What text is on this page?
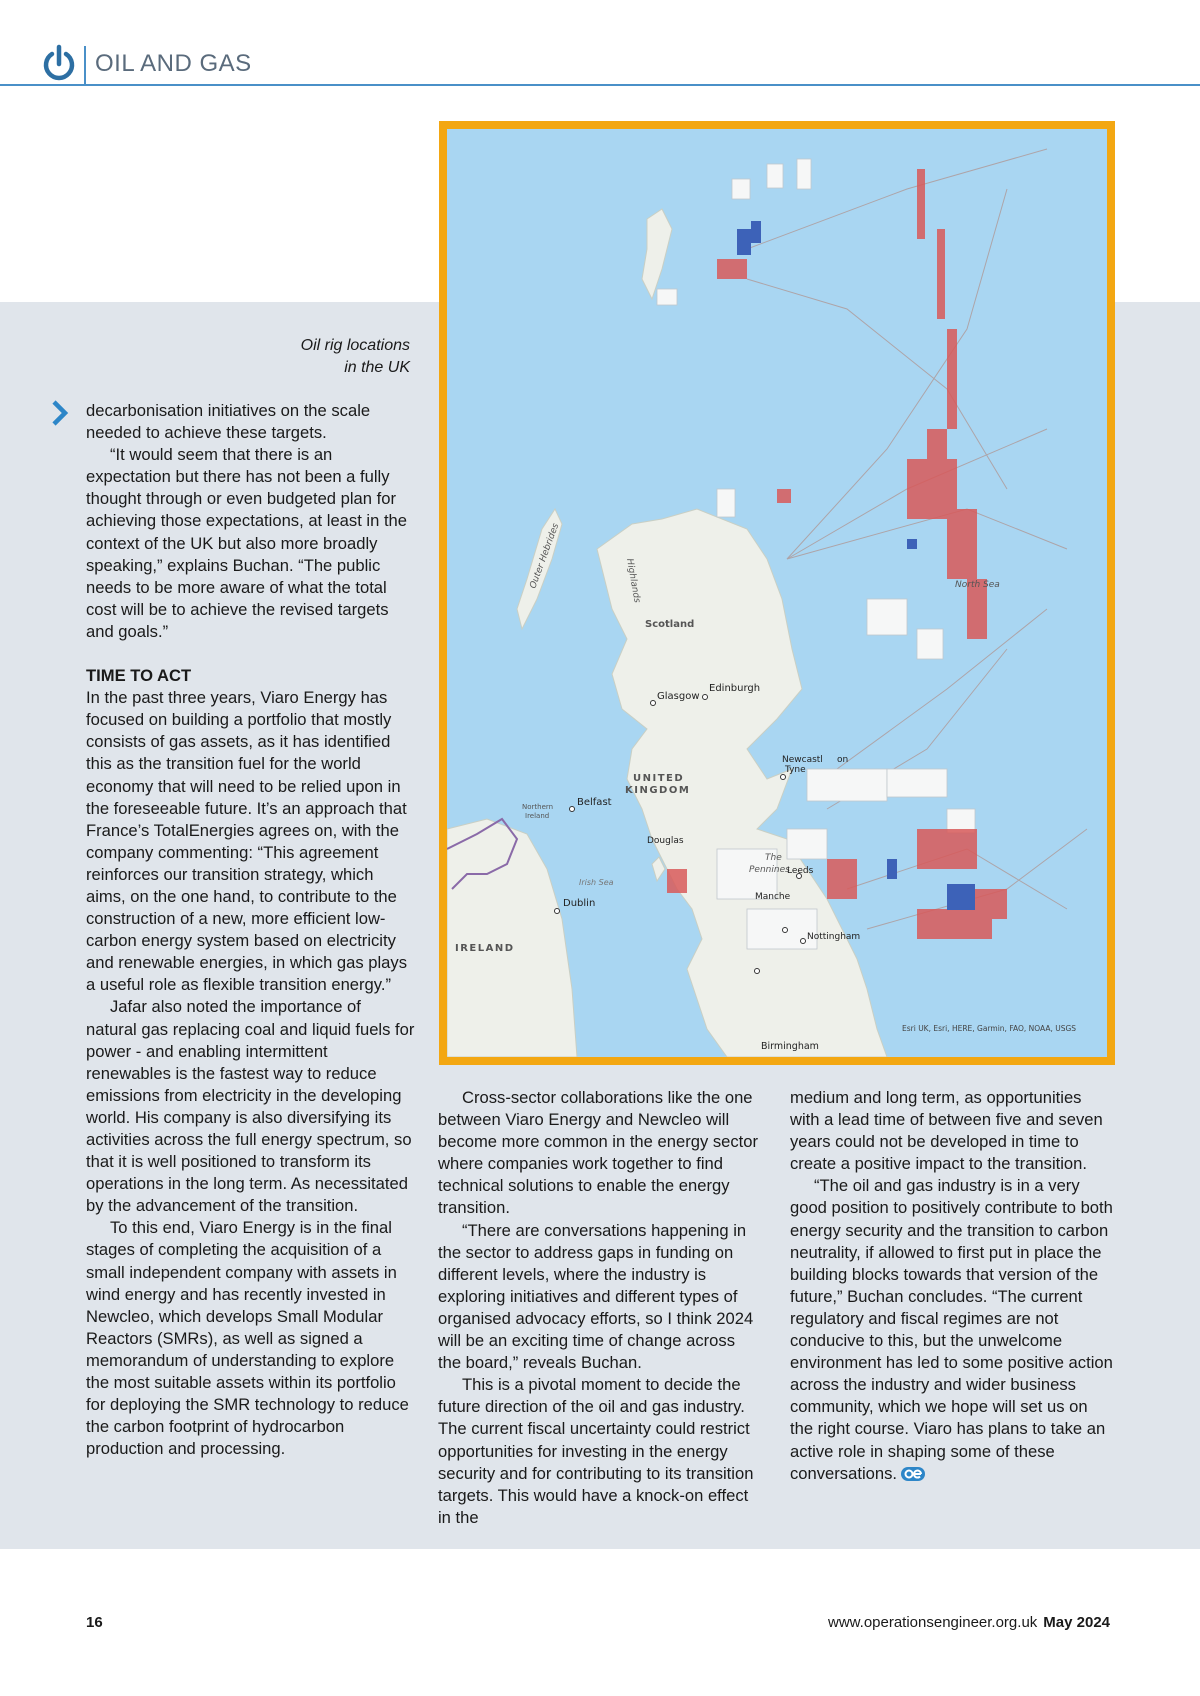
OIL AND GAS
Outer Hebrides	Highlands
Scotland
Glasgow
Edinburgh
North Sea
UNITED
KINGDOM
Northern
Ireland
Belfast
Newcastl on
Tyne
Douglas
The
Pennines
Leeds
Irish Sea
Dublin
Manche
IRELAND
Nottingham
Esri UK, Esri, HERE, Garmin, FAO, NOAA, USGS
Birmingham
Oil rig locations
in the UK

decarbonisation initiatives on the scale needed to achieve these targets.

“It would seem that there is an expectation but there has not been a fully thought through or even budgeted plan for achieving those expectations, at least in the context of the UK but also more broadly speaking,” explains Buchan. “The public needs to be more aware of what the total cost will be to achieve the revised targets and goals.”

TIME TO ACT

In the past three years, Viaro Energy has focused on building a portfolio that mostly consists of gas assets, as it has identified this as the transition fuel for the world economy that will need to be relied upon in the foreseeable future. It’s an approach that France’s TotalEnergies agrees on, with the company commenting: “This agreement reinforces our transition strategy, which aims, on the one hand, to contribute to the construction of a new, more efficient low-carbon energy system based on electricity and renewable energies, in which gas plays a useful role as flexible transition energy.”

Jafar also noted the importance of natural gas replacing coal and liquid fuels for power - and enabling intermittent renewables is the fastest way to reduce emissions from electricity in the developing world. His company is also diversifying its activities across the full energy spectrum, so that it is well positioned to transform its operations in the long term. As necessitated by the advancement of the transition.

To this end, Viaro Energy is in the final stages of completing the acquisition of a small independent company with assets in wind energy and has recently invested in Newcleo, which develops Small Modular Reactors (SMRs), as well as signed a memorandum of understanding to explore the most suitable assets within its portfolio for deploying the SMR technology to reduce the carbon footprint of hydrocarbon production and processing.

Cross-sector collaborations like the one between Viaro Energy and Newcleo will become more common in the energy sector where companies work together to find technical solutions to enable the energy transition.

“There are conversations happening in the sector to address gaps in funding on different levels, where the industry is exploring initiatives and different types of organised advocacy efforts, so I think 2024 will be an exciting time of change across the board,” reveals Buchan.

This is a pivotal moment to decide the future direction of the oil and gas industry. The current fiscal uncertainty could restrict opportunities for investing in the energy security and for contributing to its transition targets. This would have a knock-on effect in the

medium and long term, as opportunities with a lead time of between five and seven years could not be developed in time to create a positive impact to the transition.

“The oil and gas industry is in a very good position to positively contribute to both energy security and the transition to carbon neutrality, if allowed to first put in place the building blocks towards that version of the future,” Buchan concludes. “The current regulatory and fiscal regimes are not conducive to this, but the unwelcome environment has led to some positive action across the industry and wider business community, which we hope will set us on the right course. Viaro has plans to take an active role in shaping some of these conversations.

16	www.operationsengineer.org.uk May 2024
